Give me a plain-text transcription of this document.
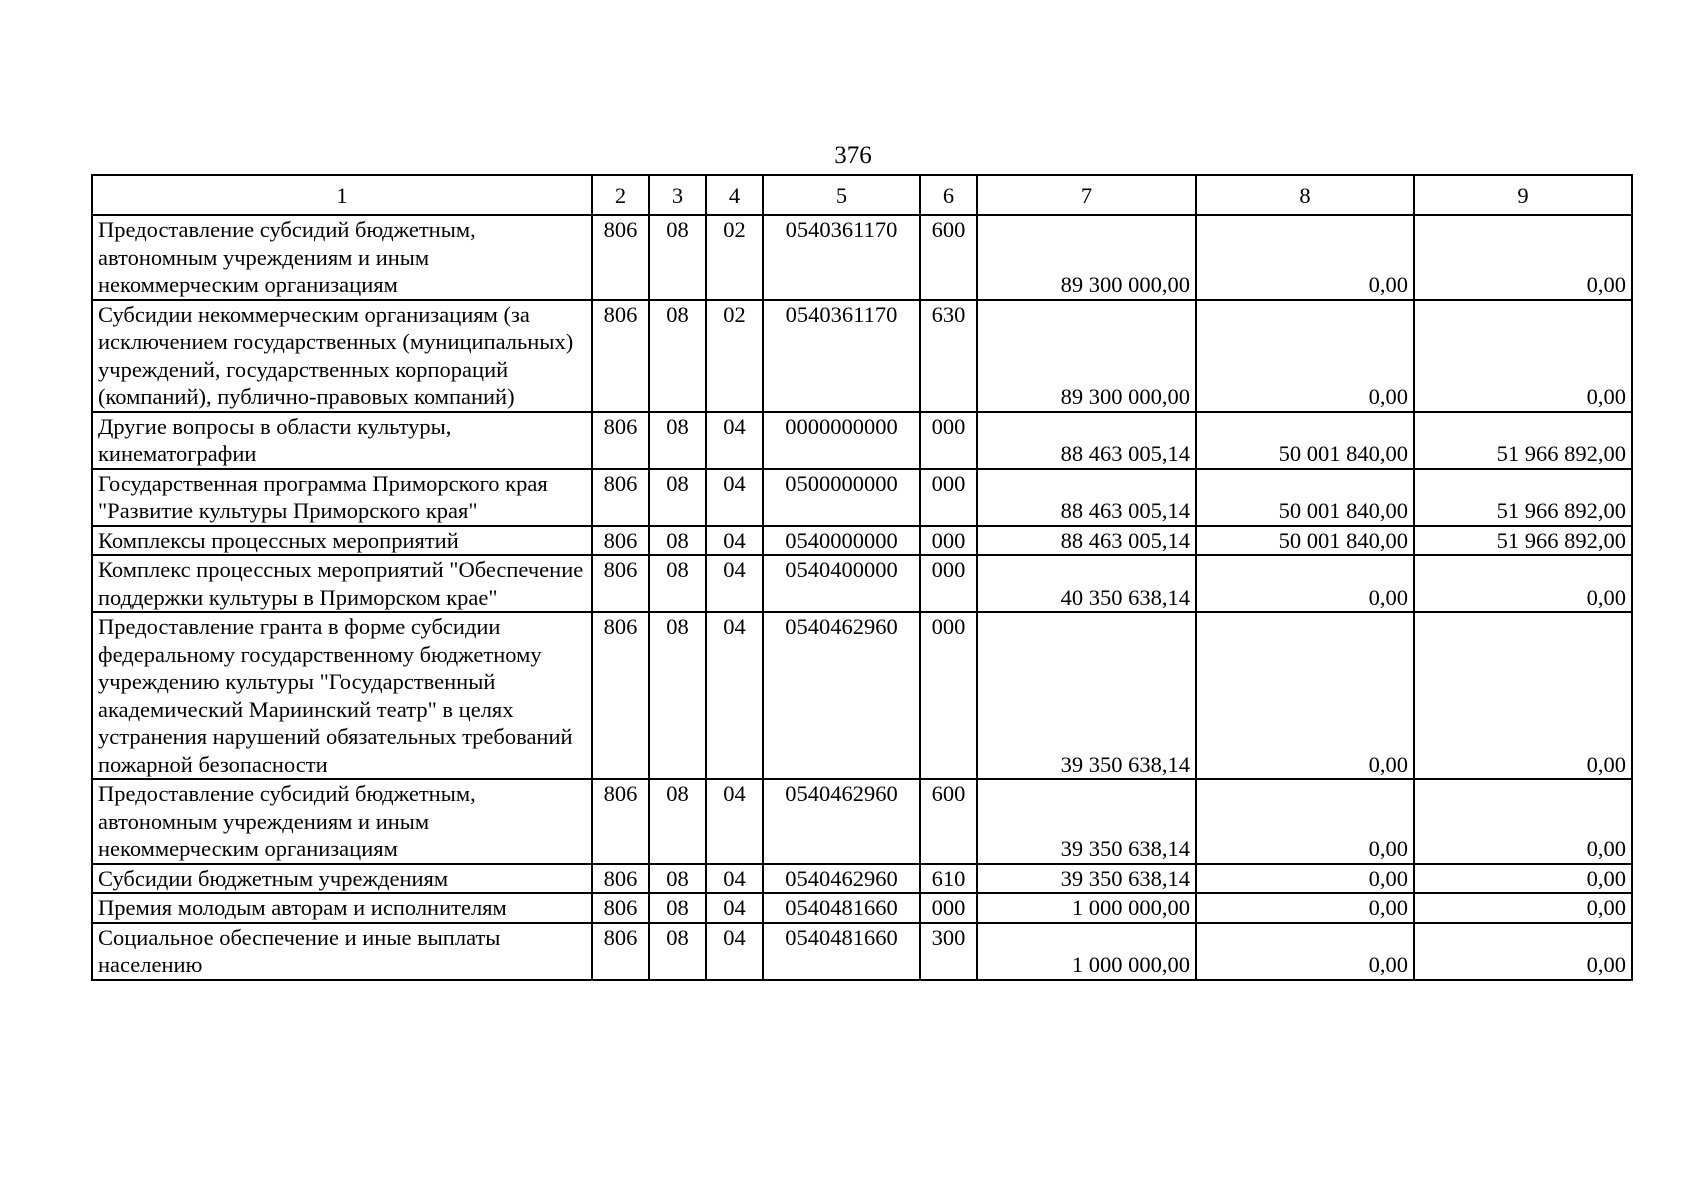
376
1	2	3	4	5	6	7	8	9
Предоставление субсидий бюджетным, автономным учреждениям и иным некоммерческим организациям	806	08	02	0540361170	600	89 300 000,00	0,00	0,00
Субсидии некоммерческим организациям (за исключением государственных (муниципальных) учреждений, государственных корпораций (компаний), публично-правовых компаний)	806	08	02	0540361170	630	89 300 000,00	0,00	0,00
Другие вопросы в области культуры, кинематографии	806	08	04	0000000000	000	88 463 005,14	50 001 840,00	51 966 892,00
Государственная программа Приморского края "Развитие культуры Приморского края"	806	08	04	0500000000	000	88 463 005,14	50 001 840,00	51 966 892,00
Комплексы процессных мероприятий	806	08	04	0540000000	000	88 463 005,14	50 001 840,00	51 966 892,00
Комплекс процессных мероприятий "Обеспечение поддержки культуры в Приморском крае"	806	08	04	0540400000	000	40 350 638,14	0,00	0,00
Предоставление гранта в форме субсидии федеральному государственному бюджетному учреждению культуры "Государственный академический Мариинский театр" в целях устранения нарушений обязательных требований пожарной безопасности	806	08	04	0540462960	000	39 350 638,14	0,00	0,00
Предоставление субсидий бюджетным, автономным учреждениям и иным некоммерческим организациям	806	08	04	0540462960	600	39 350 638,14	0,00	0,00
Субсидии бюджетным учреждениям	806	08	04	0540462960	610	39 350 638,14	0,00	0,00
Премия молодым авторам и исполнителям	806	08	04	0540481660	000	1 000 000,00	0,00	0,00
Социальное обеспечение и иные выплаты населению	806	08	04	0540481660	300	1 000 000,00	0,00	0,00
